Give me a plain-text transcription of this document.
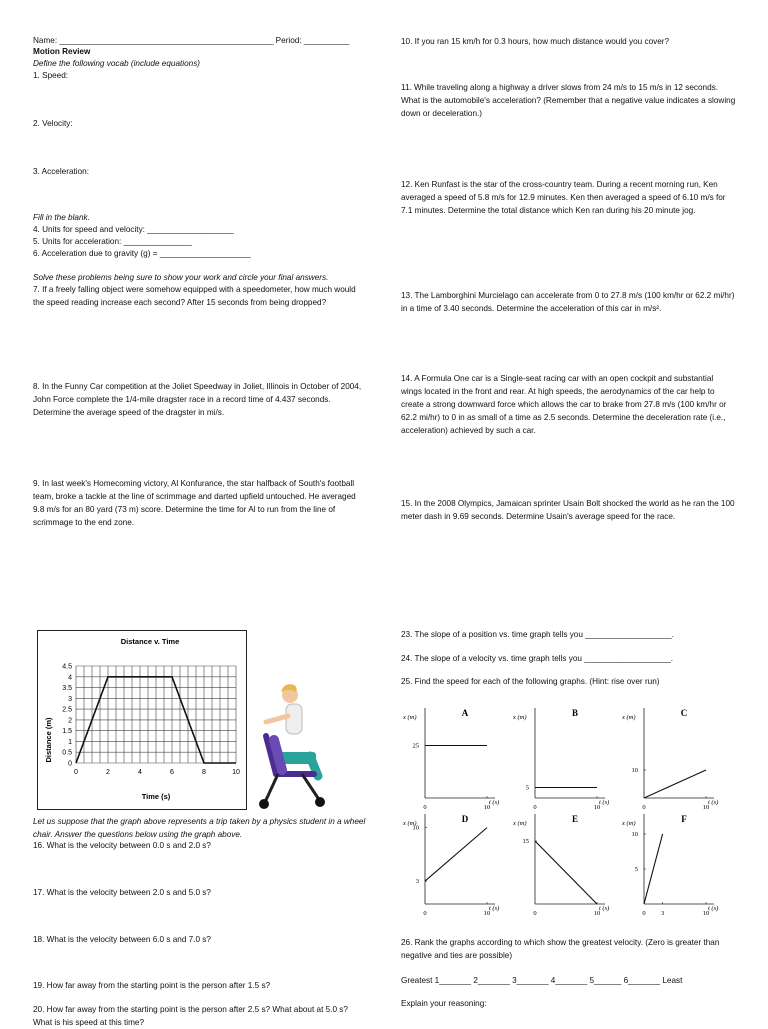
Name: _______________________________________________ Period: __________
Motion Review
Define the following vocab (include equations)
1. Speed:
2. Velocity:
3. Acceleration:
Fill in the blank.
4. Units for speed and velocity: ___________________
5. Units for acceleration: _______________
6. Acceleration due to gravity (g) = ____________________
Solve these problems being sure to show your work and circle your final answers.
7. If a freely falling object were somehow equipped with a speedometer, how much would the speed reading increase each second? After 15 seconds from being dropped?
8. In the Funny Car competition at the Joliet Speedway in Joliet, Illinois in October of 2004, John Force complete the 1/4-mile dragster race in a record time of 4.437 seconds. Determine the average speed of the dragster in mi/s.
9. In last week's Homecoming victory, Al Konfurance, the star halfback of South's football team, broke a tackle at the line of scrimmage and darted upfield untouched. He averaged 9.8 m/s for an 80 yard (73 m) score. Determine the time for Al to run from the line of scrimmage to the end zone.
Distance v. Time
0	2	4	6	8	10
0
0.5
1
1.5
2
2.5
3
3.5
4
4.5
Time (s)
Distance (m)
Let us suppose that the graph above represents a trip taken by a physics student in a wheel chair. Answer the questions below using the graph above.
16. What is the velocity between 0.0 s and 2.0 s?
17. What is the velocity between 2.0 s and 5.0 s?
18. What is the velocity between 6.0 s and 7.0 s?
19. How far away from the starting point is the person after 1.5 s?
20. How far away from the starting point is the person after 2.5 s? What about at 5.0 s? What is his speed at this time?
10. If you ran 15 km/h for 0.3 hours, how much distance would you cover?
11. While traveling along a highway a driver slows from 24 m/s to 15 m/s in 12 seconds. What is the automobile's acceleration? (Remember that a negative value indicates a slowing down or deceleration.)
12. Ken Runfast is the star of the cross-country team. During a recent morning run, Ken averaged a speed of 5.8 m/s for 12.9 minutes. Ken then averaged a speed of 6.10 m/s for 7.1 minutes. Determine the total distance which Ken ran during his 20 minute jog.
13. The Lamborghini Murcielago can accelerate from 0 to 27.8 m/s (100 km/hr or 62.2 mi/hr) in a time of 3.40 seconds. Determine the acceleration of this car in m/s².
14. A Formula One car is a Single-seat racing car with an open cockpit and substantial wings located in the front and rear. At high speeds, the aerodynamics of the car help to create a strong downward force which allows the car to brake from 27.8 m/s (100 km/hr or 62.2 mi/hr) to 0 in as small of a time as 2.5 seconds. Determine the deceleration rate (i.e., acceleration) achieved by such a car.
15. In the 2008 Olympics, Jamaican sprinter Usain Bolt shocked the world as he ran the 100 meter dash in 9.69 seconds. Determine Usain's average speed for the race.
23. The slope of a position vs. time graph tells you ___________________.
24. The slope of a velocity vs. time graph tells you ___________________.
25. Find the speed for each of the following graphs. (Hint: rise over run)
A
x (m)
t (s)
0	10
25
B
x (m)
t (s)
0	10
5
C
x (m)
t (s)
0	10
10
D
x (m)
t (s)
0	10
3
10
E
x (m)
t (s)
0	10
15
F
x (m)
t (s)
0 3	10
5
10
26. Rank the graphs according to which show the greatest velocity. (Zero is greater than negative and ties are possible)
Greatest 1_______ 2_______ 3_______ 4_______ 5______ 6_______ Least
Explain your reasoning:
